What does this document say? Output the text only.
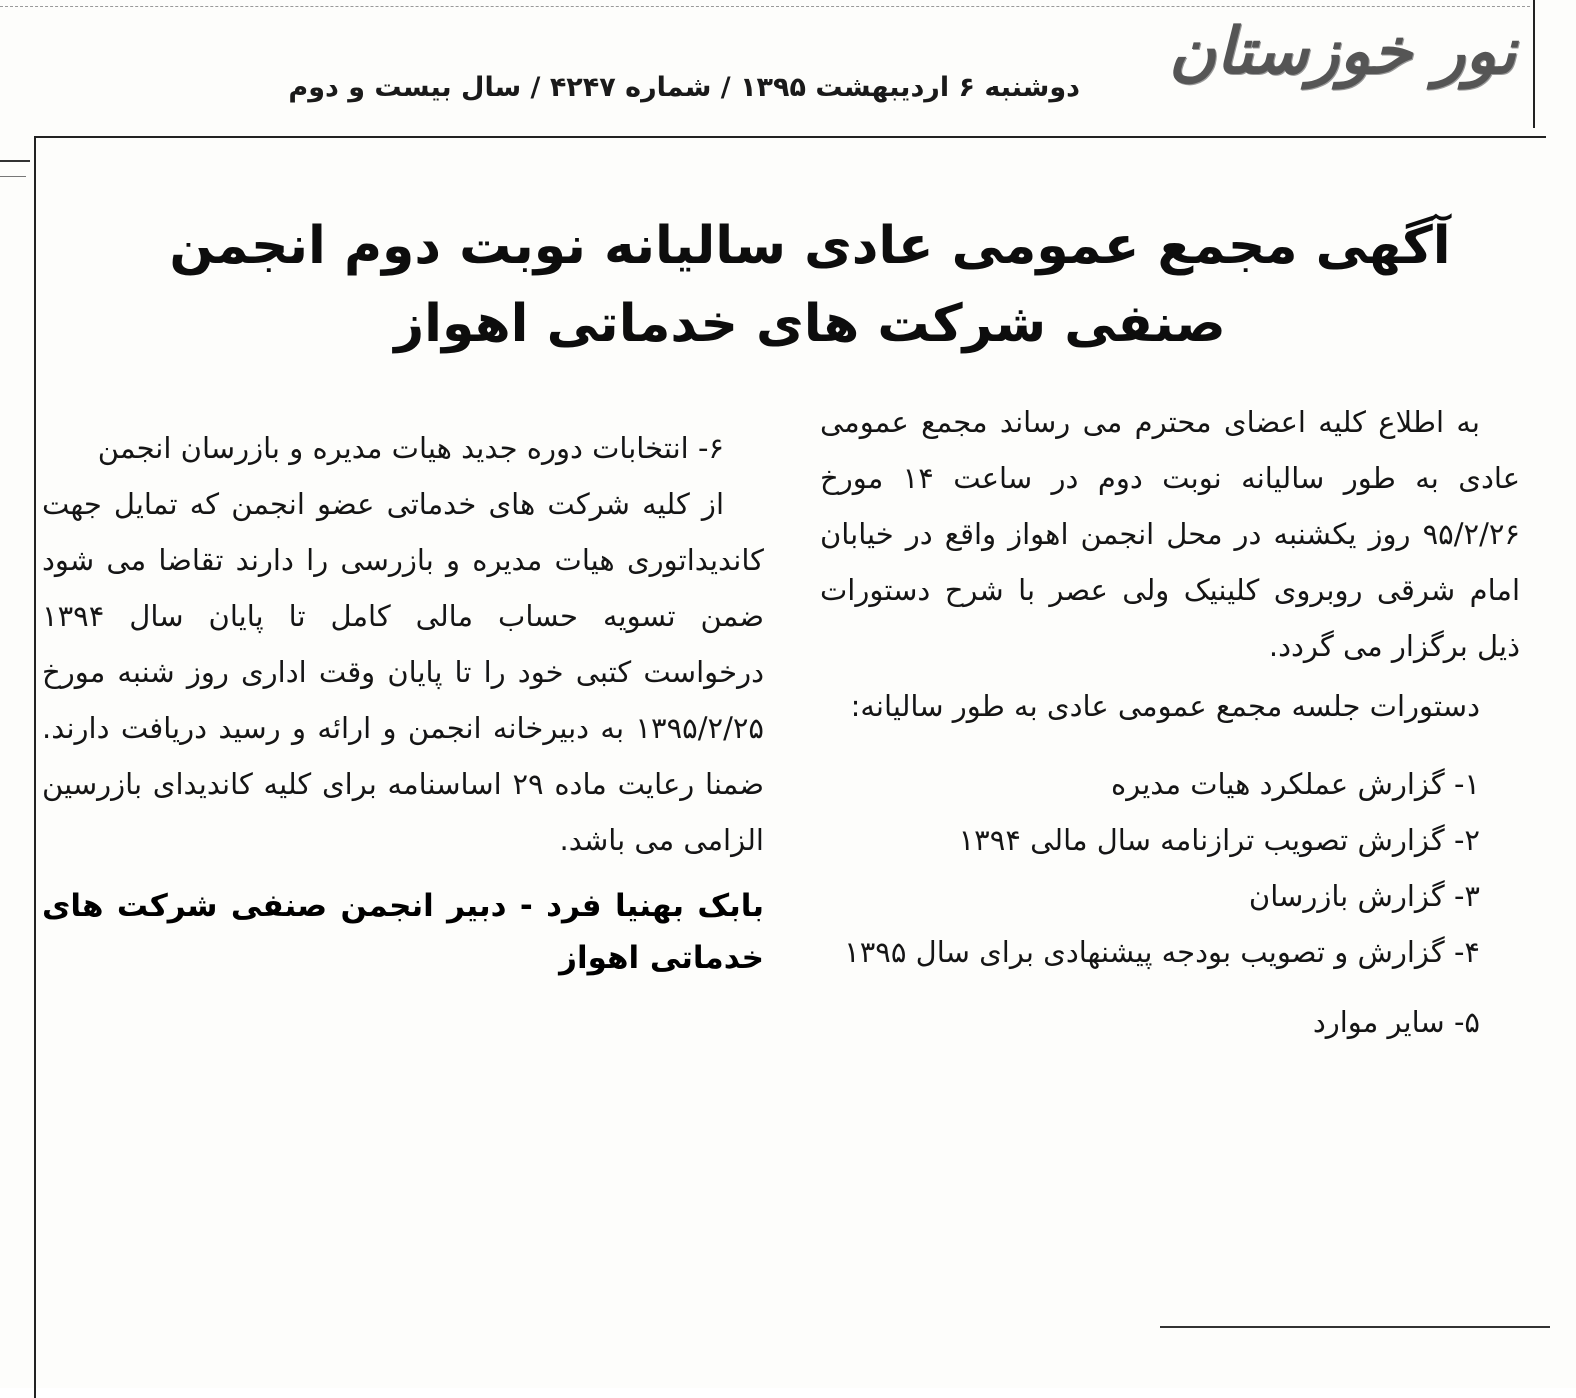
نور خوزستان
دوشنبه ۶ اردیبهشت ۱۳۹۵ / شماره ۴۲۴۷ / سال بیست و دوم
آگهی مجمع عمومی عادی سالیانه نوبت دوم انجمن صنفی شرکت های خدماتی اهواز

به اطلاع کلیه اعضای محترم می رساند مجمع عمومی عادی به طور سالیانه نوبت دوم در ساعت ۱۴ مورخ ۹۵/۲/۲۶ روز یکشنبه در محل انجمن اهواز واقع در خیابان امام شرقی روبروی کلینیک ولی عصر با شرح دستورات ذیل برگزار می گردد.

دستورات جلسه مجمع عمومی عادی به طور سالیانه:

۱- گزارش عملکرد هیات مدیره
۲- گزارش تصویب ترازنامه سال مالی ۱۳۹۴
۳- گزارش بازرسان
۴- گزارش و تصویب بودجه پیشنهادی برای سال ۱۳۹۵
۵- سایر موارد

۶- انتخابات دوره جدید هیات مدیره و بازرسان انجمن

از کلیه شرکت های خدماتی عضو انجمن که تمایل جهت کاندیداتوری هیات مدیره و بازرسی را دارند تقاضا می شود ضمن تسویه حساب مالی کامل تا پایان سال ۱۳۹۴ درخواست کتبی خود را تا پایان وقت اداری روز شنبه مورخ ۱۳۹۵/۲/۲۵ به دبیرخانه انجمن و ارائه و رسید دریافت دارند. ضمنا رعایت ماده ۲۹ اساسنامه برای کلیه کاندیدای بازرسین الزامی می باشد.

بابک بهنیا فرد - دبیر انجمن صنفی شرکت های خدماتی اهواز
